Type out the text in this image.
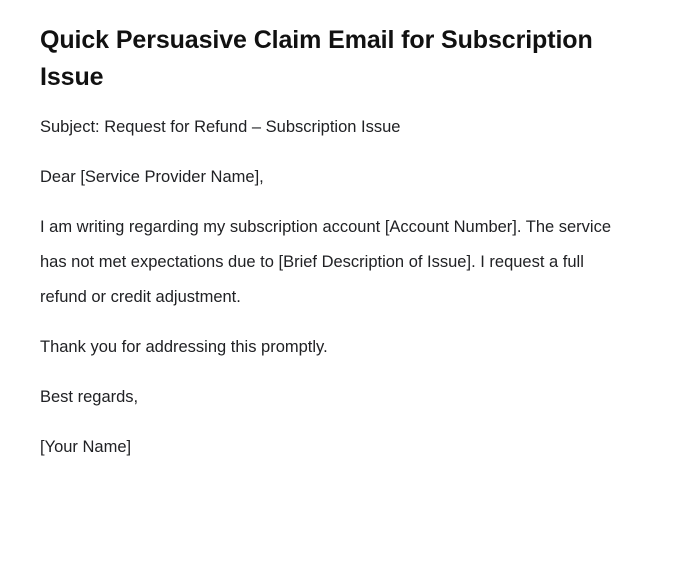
Quick Persuasive Claim Email for Subscription Issue

Subject: Request for Refund – Subscription Issue

Dear [Service Provider Name],

I am writing regarding my subscription account [Account Number]. The service has not met expectations due to [Brief Description of Issue]. I request a full refund or credit adjustment.

Thank you for addressing this promptly.

Best regards,

[Your Name]
